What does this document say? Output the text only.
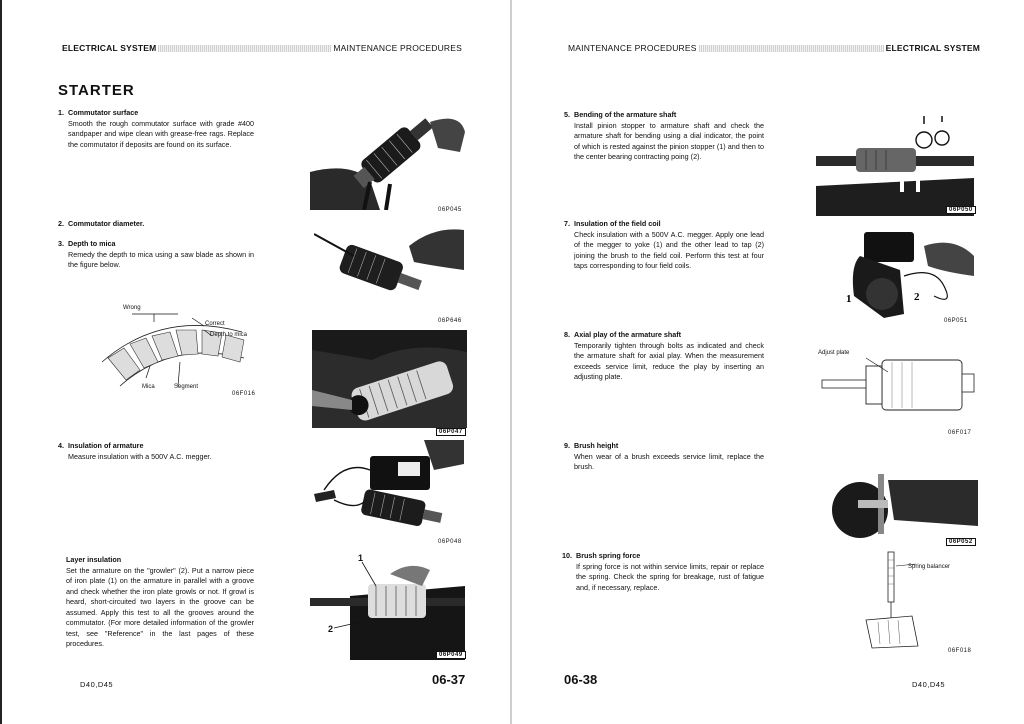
ELECTRICAL SYSTEM	MAINTENANCE PROCEDURES
STARTER
1. Commutator surface
Smooth the rough commutator surface with grade #400 sandpaper and wipe clean with grease-free rags. Replace the commutator if deposits are found on its surface.
2. Commutator diameter.
3. Depth to mica
Remedy the depth to mica using a saw blade as shown in the figure below.
Wrong
Correct
Depth to mica
Mica	Segment
06F016
4. Insulation of armature
Measure insulation with a 500V A.C. megger.
Layer insulation
Set the armature on the "growler" (2). Put a narrow piece of iron plate (1) on the armature in parallel with a groove and check whether the iron plate growls or not. If growl is heard, short-circuited two layers in the groove can be assumed. Apply this test to all the grooves around the commutator. (For more detailed information of the growler test, see "Reference" in the last pages of these procedures.
06P045
06P646
06P047
06P048
1
2
06P049
D40,D45	06-37
MAINTENANCE PROCEDURES	ELECTRICAL SYSTEM
5. Bending of the armature shaft
Install pinion stopper to armature shaft and check the armature shaft for bending using a dial indicator, the point of which is rested against the pinion stopper (1) and then to the center bearing contracting poing (2).
7. Insulation of the field coil
Check insulation with a 500V A.C. megger. Apply one lead of the megger to yoke (1) and the other lead to tap (2) joining the brush to the field coil. Perform this test at four taps corresponding to four field coils.
8. Axial play of the armature shaft
Temporarily tighten through bolts as indicated and check the armature shaft for axial play. When the measurement exceeds service limit, reduce the play by inserting an adjusting plate.
9. Brush height
When wear of a brush exceeds service limit, replace the brush.
10. Brush spring force
If spring force is not within service limits, repair or replace the spring. Check the spring for breakage, rust of fatigue and, if necessary, replace.
06P050
1	2
06P051
Adjust plate
06F017
06P052
Spring balancer
06F018
06-38	D40,D45
